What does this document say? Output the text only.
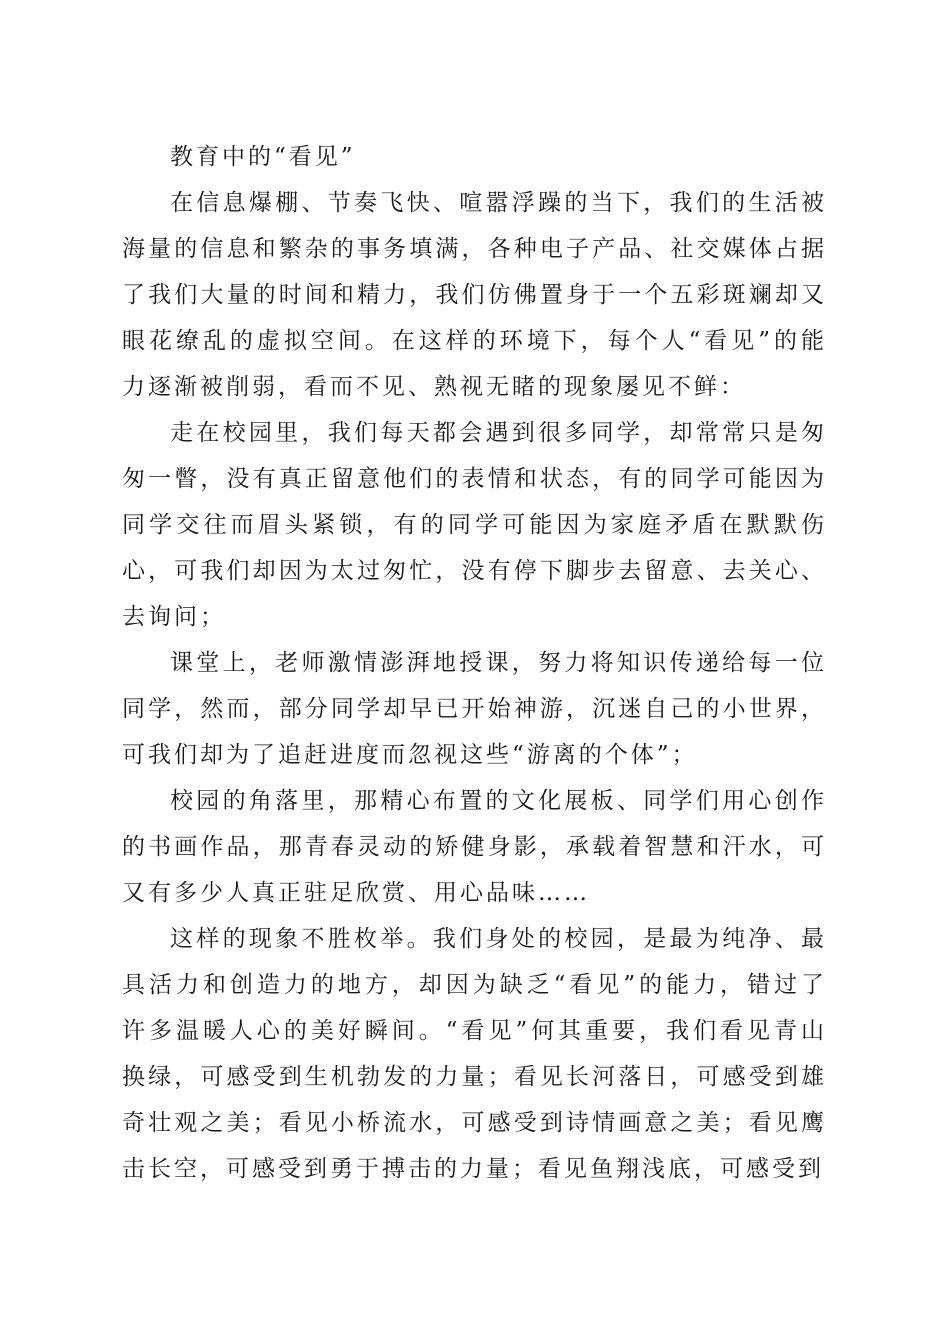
教育中的“看见”

在信息爆棚、节奏飞快、喧嚣浮躁的当下，我们的生活被海量的信息和繁杂的事务填满，各种电子产品、社交媒体占据了我们大量的时间和精力，我们仿佛置身于一个五彩斑斓却又眼花缭乱的虚拟空间。在这样的环境下，每个人“看见”的能力逐渐被削弱，看而不见、熟视无睹的现象屡见不鲜：

走在校园里，我们每天都会遇到很多同学，却常常只是匆匆一瞥，没有真正留意他们的表情和状态，有的同学可能因为同学交往而眉头紧锁，有的同学可能因为家庭矛盾在默默伤心，可我们却因为太过匆忙，没有停下脚步去留意、去关心、去询问；

课堂上，老师激情澎湃地授课，努力将知识传递给每一位同学，然而，部分同学却早已开始神游，沉迷自己的小世界，可我们却为了追赶进度而忽视这些“游离的个体”；

校园的角落里，那精心布置的文化展板、同学们用心创作的书画作品，那青春灵动的矫健身影，承载着智慧和汗水，可又有多少人真正驻足欣赏、用心品味……

这样的现象不胜枚举。我们身处的校园，是最为纯净、最具活力和创造力的地方，却因为缺乏“看见”的能力，错过了许多温暖人心的美好瞬间。“看见”何其重要，我们看见青山换绿，可感受到生机勃发的力量；看见长河落日，可感受到雄奇壮观之美；看见小桥流水，可感受到诗情画意之美；看见鹰击长空，可感受到勇于搏击的力量；看见鱼翔浅底，可感受到
